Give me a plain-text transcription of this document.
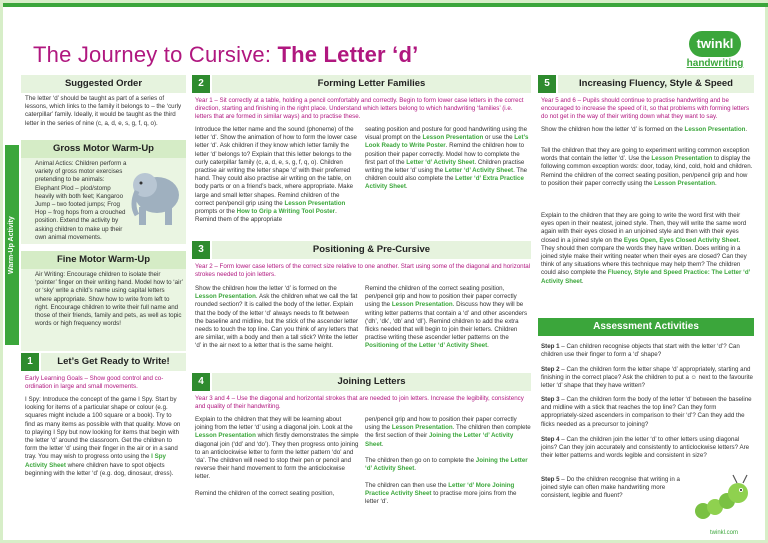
The Journey to Cursive: The Letter ‘d’	twinkl
handwriting
Suggested Order
The letter ‘d’ should be taught as part of a series of lessons, which links to the family it belongs to – the ‘curly caterpillar’ family. Ideally, it would be taught as the third letter in the series of nine (c, a, d, e, s, g, f, q, o).
Warm-Up Activity
Gross Motor Warm-Up
Animal Actics: Children perform a variety of gross motor exercises pretending to be animals: Elephant Plod – plod/stomp heavily with both feet; Kangaroo Jump – two footed jumps; Frog Hop – frog hops from a crouched position. Extend the activity by asking children to make up their own animal movements.
Fine Motor Warm-Up
Air Writing: Encourage children to isolate their ‘pointer’ finger on their writing hand. Model how to ‘air’ or ‘sky’ write a child’s name using capital letters where appropriate. Show how to write from left to right. Encourage children to write their full name and those of their friends, family and pets, as well as topic words or high frequency words!
1	Let’s Get Ready to Write!
Early Learning Goals – Show good control and co-ordination in large and small movements.
I Spy: Introduce the concept of the game I Spy. Start by looking for items of a particular shape or colour (e.g. squares might include a 100 square or a book). Try to find as many items as possible with that quality. Move on to playing I Spy but now looking for items that begin with the letter ‘d’ around the classroom. Get the children to form the letter ‘d’ using their finger in the air or in a sand tray. You may wish to progress onto using the I Spy Activity Sheet where children have to spot objects beginning with the letter ‘d’ (e.g. dog, dinosaur, dress).
2	Forming Letter Families
Year 1 – Sit correctly at a table, holding a pencil comfortably and correctly. Begin to form lower case letters in the correct direction, starting and finishing in the right place. Understand which letters belong to which handwriting ‘families’ (i.e. letters that are formed in similar ways) and to practise these.
Introduce the letter name and the sound (phoneme) of the letter ‘d’. Show the animation of how to form the lower case letter ‘d’. Ask children if they know which letter family the letter ‘d’ belongs to? Explain that this letter belongs to the curly caterpillar family (c, a, d, e, s, g, f, q, o). Children practise air writing the letter shape ‘d’ with their preferred hand. They could also practise air writing on the table, on body parts or on a friend’s back, where appropriate. Make large and small letter shapes. Remind children of the correct pen/pencil grip using the Lesson Presentation prompts or the How to Grip a Writing Tool Poster. Remind them of the appropriate
seating position and posture for good handwriting using the visual prompt on the Lesson Presentation or use the Let’s Look Ready to Write Poster. Remind the children how to position their paper correctly. Model how to complete the first part of the Letter ‘d’ Activity Sheet. Children practise writing the letter ‘d’ using the Letter ‘d’ Activity Sheet. The children could also complete the Letter ‘d’ Extra Practice Activity Sheet.
3	Positioning & Pre-Cursive
Year 2 – Form lower case letters of the correct size relative to one another. Start using some of the diagonal and horizontal strokes needed to join letters.
Show the children how the letter ‘d’ is formed on the Lesson Presentation. Ask the children what we call the fat rounded section? It is called the body of the letter. Explain that the body of the letter ‘d’ always needs to fit between the baseline and midline, but the stick of the ascender letter needs to touch the top line. Can you think of any letters that are similar, with a body and then a tall stick? Write the letter ‘d’ in the air next to a letter that is the same height.
Remind the children of the correct seating position, pen/pencil grip and how to position their paper correctly using the Lesson Presentation. Discuss how they will be writing letter patterns that contain a ‘d’ and other ascenders (‘dh’, ‘dk’, ‘db’ and ‘dl’). Remind children to add the extra flicks needed that will begin to join their letters. Children practise writing these ascender letter patterns on the Positioning of the Letter ‘d’ Activity Sheet.
4	Joining Letters
Year 3 and 4 – Use the diagonal and horizontal strokes that are needed to join letters. Increase the legibility, consistency and quality of their handwriting.
Explain to the children that they will be learning about joining from the letter ‘d’ using a diagonal join. Look at the Lesson Presentation which firstly demonstrates the simple diagonal join (‘dd’ and ‘do’). They then progress onto joining to an anticlockwise letter to form the letter pattern ‘do’ and ‘da’. The children will need to stop their pen or pencil and reverse their hand movement to form the anticlockwise letter.

Remind the children of the correct seating position,
pen/pencil grip and how to position their paper correctly using the Lesson Presentation. The children then complete the first section of their Joining the Letter ‘d’ Activity Sheet.

The children then go on to complete the Joining the Letter ‘d’ Activity Sheet.

The children can then use the Letter ‘d’ More Joining Practice Activity Sheet to practise more joins from the letter ‘d’.
5	Increasing Fluency, Style & Speed
Year 5 and 6 – Pupils should continue to practise handwriting and be encouraged to increase the speed of it, so that problems with forming letters do not get in the way of their writing down what they want to say.
Show the children how the letter ‘d’ is formed on the Lesson Presentation.
Tell the children that they are going to experiment writing common exception words that contain the letter ‘d’. Use the Lesson Presentation to display the following common exception words: door, today, kind, cold, hold and children. Remind the children of the correct seating position, pen/pencil grip and how to position their paper correctly using the Lesson Presentation.
Explain to the children that they are going to write the word first with their eyes open in their neatest, joined style. Then, they will write the same word again with their eyes closed in an unjoined style and then with their eyes closed in a joined style on the Eyes Open, Eyes Closed Activity Sheet. They should then compare the words they have written. Does writing in a joined style make their writing neater when their eyes are closed? Can they think of any situations where this technique may help them? The children could also complete the Fluency, Style and Speed Practice: The Letter ‘d’ Activity Sheet.
Assessment Activities
Step 1 – Can children recognise objects that start with the letter ‘d’? Can children use their finger to form a ‘d’ shape?
Step 2 – Can the children form the letter shape ‘d’ appropriately, starting and finishing in the correct place? Ask the children to put a ☺ next to the favourite letter ‘d’ shape that they have written?
Step 3 – Can the children form the body of the letter ‘d’ between the baseline and midline with a stick that reaches the top line? Can they form appropriately-sized ascenders in comparison to their ‘d’? Can they add the flicks needed as a precursor to joining?
Step 4 – Can the children join the letter ‘d’ to other letters using diagonal joins? Can they join accurately and consistently to anticlockwise letters? Are their letter patterns and words legible and consistent in size?
Step 5 – Do the children recognise that writing in a joined style can often make handwriting more consistent, legible and fluent?
twinkl.com
